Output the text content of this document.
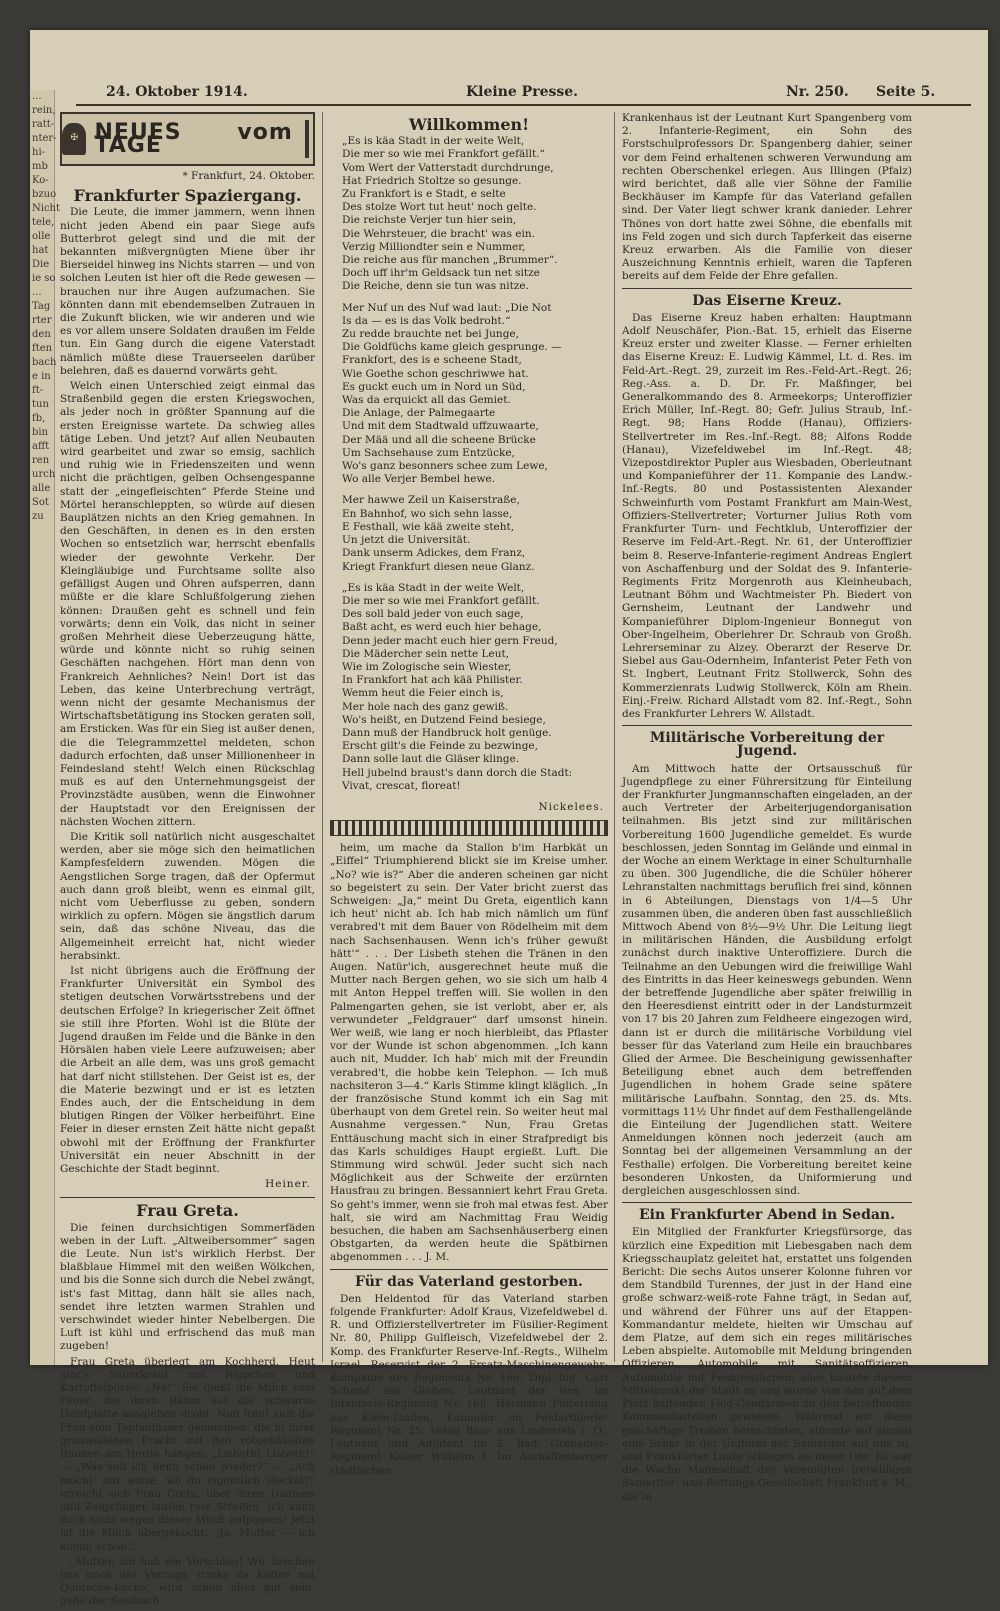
...
rein,
ratt-
nter-
hi-
mb
Ko-
bzuo
Nicht
tele,
olle
hat
Die
ie so
...
Tag
rter
den
ften
bach
e in
ft-
tun
fb,
bin
afft
ren
urch
alle
Sot
zu
24. Oktober 1914.	Kleine Presse.	Nr. 250. Seite 5.
✠ NEUES vom TAGE
* Frankfurt, 24. Oktober.
Frankfurter Spaziergang.

Die Leute, die immer jammern, wenn ihnen nicht jeden Abend ein paar Siege aufs Butterbrot gelegt sind und die mit der bekannten mißvergnügten Miene über ihr Bierseidel hinweg ins Nichts starren — und von solchen Leuten ist hier oft die Rede gewesen — brauchen nur ihre Augen aufzumachen. Sie könnten dann mit ebendemselben Zutrauen in die Zukunft blicken, wie wir anderen und wie es vor allem unsere Soldaten draußen im Felde tun. Ein Gang durch die eigene Vaterstadt nämlich müßte diese Trauerseelen darüber belehren, daß es dauernd vorwärts geht.

Welch einen Unterschied zeigt einmal das Straßenbild gegen die ersten Kriegswochen, als jeder noch in größter Spannung auf die ersten Ereignisse wartete. Da schwieg alles tätige Leben. Und jetzt? Auf allen Neubauten wird gearbeitet und zwar so emsig, sachlich und ruhig wie in Friedenszeiten und wenn nicht die prächtigen, gelben Ochsengespanne statt der „eingefleischten“ Pferde Steine und Mörtel heranschleppten, so würde auf diesen Bauplätzen nichts an den Krieg gemahnen. In den Geschäften, in denen es in den ersten Wochen so entsetzlich war, herrscht ebenfalls wieder der gewohnte Verkehr. Der Kleingläubige und Furchtsame sollte also gefälligst Augen und Ohren aufsperren, dann müßte er die klare Schlußfolgerung ziehen können: Draußen geht es schnell und fein vorwärts; denn ein Volk, das nicht in seiner großen Mehrheit diese Ueberzeugung hätte, würde und könnte nicht so ruhig seinen Geschäften nachgehen. Hört man denn von Frankreich Aehnliches? Nein! Dort ist das Leben, das keine Unterbrechung verträgt, wenn nicht der gesamte Mechanismus der Wirtschaftsbetätigung ins Stocken geraten soll, am Ersticken. Was für ein Sieg ist außer denen, die die Telegrammzettel meldeten, schon dadurch erfochten, daß unser Millionenheer in Feindesland steht! Welch einen Rückschlag muß es auf den Unternehmungsgeist der Provinzstädte ausüben, wenn die Einwohner der Hauptstadt vor den Ereignissen der nächsten Wochen zittern.

Die Kritik soll natürlich nicht ausgeschaltet werden, aber sie möge sich den heimatlichen Kampfesfeldern zuwenden. Mögen die Aengstlichen Sorge tragen, daß der Opfermut auch dann groß bleibt, wenn es einmal gilt, nicht vom Ueberflusse zu geben, sondern wirklich zu opfern. Mögen sie ängstlich darum sein, daß das schöne Niveau, das die Allgemeinheit erreicht hat, nicht wieder herabsinkt.

Ist nicht übrigens auch die Eröffnung der Frankfurter Universität ein Symbol des stetigen deutschen Vorwärtsstrebens und der deutschen Erfolge? In kriegerischer Zeit öffnet sie still ihre Pforten. Wohl ist die Blüte der Jugend draußen im Felde und die Bänke in den Hörsälen haben viele Leere aufzuweisen; aber die Arbeit an alle dem, was uns groß gemacht hat darf nicht stillstehen. Der Geist ist es, der die Materie bezwingt und er ist es letzten Endes auch, der die Entscheidung in dem blutigen Ringen der Völker herbeiführt. Eine Feier in dieser ernsten Zeit hätte nicht gepaßt obwohl mit der Eröffnung der Frankfurter Universität ein neuer Abschnitt in der Geschichte der Stadt beginnt.

Heiner.
Frau Greta.

Die feinen durchsichtigen Sommerfäden weben in der Luft. „Altweibersommer“ sagen die Leute. Nun ist's wirklich Herbst. Der blaßblaue Himmel mit den weißen Wölkchen, und bis die Sonne sich durch die Nebel zwängt, ist's fast Mittag, dann hält sie alles nach, sendet ihre letzten warmen Strahlen und verschwindet wieder hinter Nebelbergen. Die Luft ist kühl und erfrischend das muß man zugeben!

Frau Greta überlegt am Kochherd. Heut gibt's Sauerkraut mit Rippchen und Kartoffelpüree. „Na!“ Sie gießt die Milch vom Feuer, die ihren Rahm auf die schwarze Herdplatte ausgießen droht. Nun freut sich die Frau vom Topfanfasser genommen. die in ihrer grauwollenen Pracht mit den rotgehäkelten Blumen am Herde hängen. „Lisbeth! Lisbeth!“ — „Was soll ich denn schon wieder?“ — „Ach möcht' nur wisse, wo du eigentlich steckst?“ erreicht sich Frau Greta, über ihren Daumen und Zeigefinger laufen rote Streifen. Ich kann doch nicht wegen dieser Milch aufpassen! Jetzt ist die Milch übergekocht. „Ja, Mutter — ich komm schon.“

„Mutter, ich hab ein Vorschlag! Wir brechen uns noch das Verzugs, trinke da Kaffee mit Quetsche-Kuche, wird schon alles gut sein, gehe der Seelbach …

Willkommen!
„Es is käa Stadt in der weite Welt,
Die mer so wie mei Frankfort gefällt.“
Vom Wert der Vatterstadt durchdrunge,
Hat Friedrich Stoltze so gesunge.
Zu Frankfort is e Stadt, e selte
Des stolze Wort tut heut' noch gelte.
Die reichste Verjer tun hier sein,
Die Wehrsteuer, die bracht' was ein.
Verzig Milliondter sein e Nummer,
Die reiche aus für manchen „Brummer“.
Doch uff ihr'm Geldsack tun net sitze
Die Reiche, denn sie tun was nitze.
Mer Nuf un des Nuf wad laut: „Die Not
Is da — es is das Volk bedroht.“
Zu redde brauchte net bei Junge,
Die Goldfüchs kame gleich gesprunge. —
Frankfort, des is e scheene Stadt,
Wie Goethe schon geschriwwe hat.
Es guckt euch um in Nord un Süd,
Was da erquickt all das Gemiet.
Die Anlage, der Palmegaarte
Und mit dem Stadtwald uffzuwaarte,
Der Mää und all die scheene Brücke
Um Sachsehause zum Entzücke,
Wo's ganz besonners schee zum Lewe,
Wo alle Verjer Bembel hewe.
Mer hawwe Zeil un Kaiserstraße,
En Bahnhof, wo sich sehn lasse,
E Festhall, wie kää zweite steht,
Un jetzt die Universität.
Dank unserm Adickes, dem Franz,
Kriegt Frankfurt diesen neue Glanz.
„Es is käa Stadt in der weite Welt,
Die mer so wie mei Frankfort gefällt.
Des soll bald jeder von euch sage,
Baßt acht, es werd euch hier behage,
Denn jeder macht euch hier gern Freud,
Die Mädercher sein nette Leut,
Wie im Zologische sein Wiester,
In Frankfort hat ach kää Philister.
Wemm heut die Feier einch is,
Mer hole nach des ganz gewiß.
Wo's heißt, en Dutzend Feind besiege,
Dann muß der Handbruck holt genüge.
Erscht gilt's die Feinde zu bezwinge,
Dann solle laut die Gläser klinge.
Hell jubelnd braust's dann dorch die Stadt:
Vivat, crescat, floreat!
Nickelees.

heim, um mache da Stallon b'im Harbkät un „Eiffel“ Triumphierend blickt sie im Kreise umher. „No? wie is?“ Aber die anderen scheinen gar nicht so begeistert zu sein. Der Vater bricht zuerst das Schweigen: „Ja,“ meint Du Greta, eigentlich kann ich heut' nicht ab. Ich hab mich nämlich um fünf verabred't mit dem Bauer von Rödelheim mit dem nach Sachsenhausen. Wenn ich's früher gewußt hätt'“ . . . Der Lisbeth stehen die Tränen in den Augen. Natür'ich, ausgerechnet heute muß die Mutter nach Bergen gehen, wo sie sich um halb 4 mit Anton Heppel treffen will. Sie wollen in den Palmengarten gehen, sie ist verlobt, aber er, als verwundeter „Feldgrauer“ darf umsonst hinein. Wer weiß, wie lang er noch hierbleibt, das Pflaster vor der Wunde ist schon abgenommen. „Ich kann auch nit, Mudder. Ich hab' mich mit der Freundin verabred't, die hobbe kein Telephon. — Ich muß nachsiteron 3—4.“ Karls Stimme klingt kläglich. „In der französische Stund kommt ich ein Sag mit überhaupt von dem Gretel rein. So weiter heut mal Ausnahme vergessen.“ Nun, Frau Gretas Enttäuschung macht sich in einer Strafpredigt bis das Karls schuldiges Haupt ergießt. Luft. Die Stimmung wird schwül. Jeder sucht sich nach Möglichkeit aus der Schweite der erzürnten Hausfrau zu bringen. Bessanniert kehrt Frau Greta. So geht's immer, wenn sie froh mal etwas fest. Aber halt, sie wird am Nachmittag Frau Weidig besuchen, die haben am Sachsenhäuserberg einen Obstgarten, da werden heute die Spätbirnen abgenommen . . . J. M.

Für das Vaterland gestorben.

Den Heldentod für das Vaterland starben folgende Frankfurter: Adolf Kraus, Vizefeldwebel d. R. und Offizierstellvertreter im Füsilier-Regiment Nr. 80, Philipp Gulfleisch, Vizefeldwebel der 2. Komp. des Frankfurter Reserve-Inf.-Regts., Wilhelm Israel, Reservist der 2. Ersatz-Maschinengewehr-Kompanie des Regiments Nr. 166, Dipl.-Ing. Carl Schmid aus Gießen, Leutnant der Res. im Infanterie-Regiment Nr. 168, Hermann Pinterlang aus Klein-Linden, Kanonier im Feldartillerie-Regiment Nr. 25, Vetag Baur aus Lindenfels i. O., Leutnant und Adjutant im 2. Bad. Grenadier-Regiment Kaiser Wilhelm I. Im Aschaffenburger städtischen

Krankenhaus ist der Leutnant Kurt Spangenberg vom 2. Infanterie-Regiment, ein Sohn des Forstschulprofessors Dr. Spangenberg dahier, seiner vor dem Feind erhaltenen schweren Verwundung am rechten Oberschenkel erlegen. Aus Illingen (Pfalz) wird berichtet, daß alle vier Söhne der Familie Beckhäuser im Kampfe für das Vaterland gefallen sind. Der Vater liegt schwer krank danieder. Lehrer Thönes von dort hatte zwei Söhne, die ebenfalls mit ins Feld zogen und sich durch Tapferkeit das eiserne Kreuz erwarben. Als die Familie von dieser Auszeichnung Kenntnis erhielt, waren die Tapferen bereits auf dem Felde der Ehre gefallen.

Das Eiserne Kreuz.

Das Eiserne Kreuz haben erhalten: Hauptmann Adolf Neuschäfer, Pion.-Bat. 15, erhielt das Eiserne Kreuz erster und zweiter Klasse. — Ferner erhielten das Eiserne Kreuz: E. Ludwig Kämmel, Lt. d. Res. im Feld-Art.-Regt. 29, zurzeit im Res.-Feld-Art.-Regt. 26; Reg.-Ass. a. D. Dr. Fr. Maßfinger, bei Generalkommando des 8. Armeekorps; Unteroffizier Erich Müller, Inf.-Regt. 80; Gefr. Julius Straub, Inf.-Regt. 98; Hans Rodde (Hanau), Offiziers-Stellvertreter im Res.-Inf.-Regt. 88; Alfons Rodde (Hanau), Vizefeldwebel im Inf.-Regt. 48; Vizepostdirektor Pupler aus Wiesbaden, Oberleutnant und Kompanieführer der 11. Kompanie des Landw.-Inf.-Regts. 80 und Postassistenten Alexander Schweinfurth vom Postamt Frankfurt am Main-West, Offiziers-Stellvertreter; Vorturner Julius Roth vom Frankfurter Turn- und Fechtklub, Unteroffizier der Reserve im Feld-Art.-Regt. Nr. 61, der Unteroffizier beim 8. Reserve-Infanterie-regiment Andreas Englert von Aschaffenburg und der Soldat des 9. Infanterie-Regiments Fritz Morgenroth aus Kleinheubach, Leutnant Böhm und Wachtmeister Ph. Biedert von Gernsheim, Leutnant der Landwehr und Kompanieführer Diplom-Ingenieur Bonnegut von Ober-Ingelheim, Oberlehrer Dr. Schraub von Großh. Lehrerseminar zu Alzey. Oberarzt der Reserve Dr. Siebel aus Gau-Odernheim, Infanterist Peter Feth von St. Ingbert, Leutnant Fritz Stollwerck, Sohn des Kommerzienrats Ludwig Stollwerck, Köln am Rhein. Einj.-Freiw. Richard Allstadt vom 82. Inf.-Regt., Sohn des Frankfurter Lehrers W. Allstadt.

Militärische Vorbereitung der Jugend.

Am Mittwoch hatte der Ortsausschuß für Jugendpflege zu einer Führersitzung für Einteilung der Frankfurter Jungmannschaften eingeladen, an der auch Vertreter der Arbeiterjugendorganisation teilnahmen. Bis jetzt sind zur militärischen Vorbereitung 1600 Jugendliche gemeldet. Es wurde beschlossen, jeden Sonntag im Gelände und einmal in der Woche an einem Werktage in einer Schulturnhalle zu üben. 300 Jugendliche, die die Schüler höherer Lehranstalten nachmittags beruflich frei sind, können in 6 Abteilungen, Dienstags von 1/4—5 Uhr zusammen üben, die anderen üben fast ausschließlich Mittwoch Abend von 8½—9½ Uhr. Die Leitung liegt in militärischen Händen, die Ausbildung erfolgt zunächst durch inaktive Unteroffiziere. Durch die Teilnahme an den Uebungen wird die freiwillige Wahl des Eintritts in das Heer keineswegs gebunden. Wenn der betreffende Jugendliche aber später freiwillig in den Heeresdienst eintritt oder in der Landsturmzeit von 17 bis 20 Jahren zum Feldheere eingezogen wird, dann ist er durch die militärische Vorbildung viel besser für das Vaterland zum Heile ein brauchbares Glied der Armee. Die Bescheinigung gewissenhafter Beteiligung ebnet auch dem betreffenden Jugendlichen in hohem Grade seine spätere militärische Laufbahn. Sonntag, den 25. ds. Mts. vormittags 11½ Uhr findet auf dem Festhallengelände die Einteilung der Jugendlichen statt. Weitere Anmeldungen können noch jederzeit (auch am Sonntag bei der allgemeinen Versammlung an der Festhalle) erfolgen. Die Vorbereitung bereitet keine besonderen Unkosten, da Uniformierung und dergleichen ausgeschlossen sind.

Ein Frankfurter Abend in Sedan.

Ein Mitglied der Frankfurter Kriegsfürsorge, das kürzlich eine Expedition mit Liebesgaben nach dem Kriegsschauplatz geleitet hat, erstattet uns folgenden Bericht: Die sechs Autos unserer Kolonne fuhren vor dem Standbild Turennes, der just in der Hand eine große schwarz-weiß-rote Fahne trägt, in Sedan auf, und während der Führer uns auf der Etappen-Kommandantur meldete, hielten wir Umschau auf dem Platze, auf dem sich ein reges militärisches Leben abspielte. Automobile mit Meldung bringenden Offizieren, Automobile mit Sanitätsoffizieren, Automobile mit Feldgeistlichen; alles hastete diesem Mittelpunkt der Stadt zu und wurde von den auf dem Platz haltenden Feld-Gendarmen zu den betreffenden Kommandostellen gewiesen. Während wir diese geschäftige Treiben betrachteten, stürmte auf einmal eine Schar in der Uniform der Samariter auf uns zu, und Frankfurter Laute schlugen an unser Ohr. Es war die Wache Mannschaft der Vereinigten freiwilligen Samariter- und Rettungs-Gesellschaft Frankfurt a. M., die in
